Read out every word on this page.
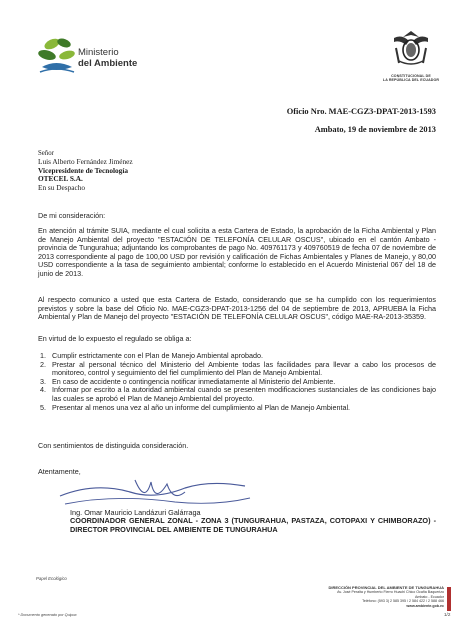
Ministerio
del Ambiente
CONSTITUCIONAL DE
LA REPÚBLICA DEL ECUADOR
Oficio Nro. MAE-CGZ3-DPAT-2013-1593
Ambato, 19 de noviembre de 2013
Señor
Luis Alberto Fernández Jiménez
Vicepresidente de Tecnología
OTECEL S.A.
En su Despacho
De mi consideración:
En atención al trámite SUIA, mediante el cual solicita a esta Cartera de Estado, la aprobación de la Ficha Ambiental y Plan de Manejo Ambiental del proyecto "ESTACIÓN DE TELEFONÍA CELULAR OSCUS", ubicado en el cantón Ambato - provincia de Tungurahua; adjuntando los comprobantes de pago No. 409761173 y 409760519 de fecha 07 de noviembre de 2013 correspondiente al pago de 100,00 USD por revisión y calificación de Fichas Ambientales y Planes de Manejo, y 80,00 USD correspondiente a la tasa de seguimiento ambiental; conforme lo establecido en el Acuerdo Ministerial 067 del 18 de junio de 2013.
Al respecto comunico a usted que esta Cartera de Estado, considerando que se ha cumplido con los requerimientos previstos y sobre la base del Oficio No. MAE-CGZ3-DPAT-2013-1256 del 04 de septiembre de 2013, APRUEBA la Ficha Ambiental y Plan de Manejo del proyecto "ESTACIÓN DE TELEFONÍA CELULAR OSCUS", código MAE-RA-2013-35359.
En virtud de lo expuesto el regulado se obliga a:
1. Cumplir estrictamente con el Plan de Manejo Ambiental aprobado.
2. Prestar al personal técnico del Ministerio del Ambiente todas las facilidades para llevar a cabo los procesos de monitoreo, control y seguimiento del fiel cumplimiento del Plan de Manejo Ambiental.
3. En caso de accidente o contingencia notificar inmediatamente al Ministerio del Ambiente.
4. Informar por escrito a la autoridad ambiental cuando se presenten modificaciones sustanciales de las condiciones bajo las cuales se aprobó el Plan de Manejo Ambiental del proyecto.
5. Presentar al menos una vez al año un informe del cumplimiento al Plan de Manejo Ambiental.
Con sentimientos de distinguida consideración.
Atentamente,
Ing. Omar Mauricio Landázuri Galárraga
COORDINADOR GENERAL ZONAL - ZONA 3 (TUNGURAHUA, PASTAZA, COTOPAXI Y CHIMBORAZO) - DIRECTOR PROVINCIAL DEL AMBIENTE DE TUNGURAHUA
Papel Ecológico
* Documento generado por Quipux
DIRECCIÓN PROVINCIAL DEL AMBIENTE DE TUNGURAHUA
Av. José Peralta y Humberto Fierro Huachi Chico Ocaña Baquerizo
Ambato - Ecuador
Teléfono: (593 3) 2 585 395 / 2 584 422 / 2 588 466
www.ambiente.gob.ec
1/2
